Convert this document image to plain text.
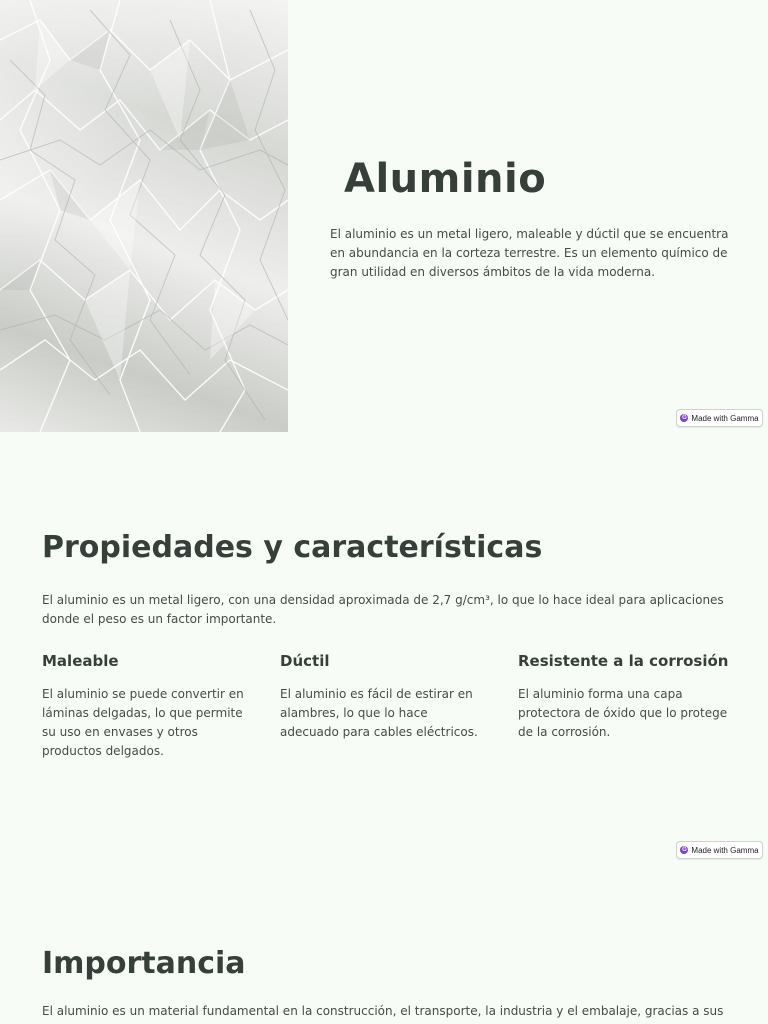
Aluminio

El aluminio es un metal ligero, maleable y dúctil que se encuentra en abundancia en la corteza terrestre. Es un elemento químico de gran utilidad en diversos ámbitos de la vida moderna.

G Made with Gamma
Propiedades y características

El aluminio es un metal ligero, con una densidad aproximada de 2,7 g/cm³, lo que lo hace ideal para aplicaciones donde el peso es un factor importante.

Maleable

El aluminio se puede convertir en láminas delgadas, lo que permite su uso en envases y otros productos delgados.

Dúctil

El aluminio es fácil de estirar en alambres, lo que lo hace adecuado para cables eléctricos.

Resistente a la corrosión

El aluminio forma una capa protectora de óxido que lo protege de la corrosión.

G Made with Gamma
Importancia

El aluminio es un material fundamental en la construcción, el transporte, la industria y el embalaje, gracias a sus
